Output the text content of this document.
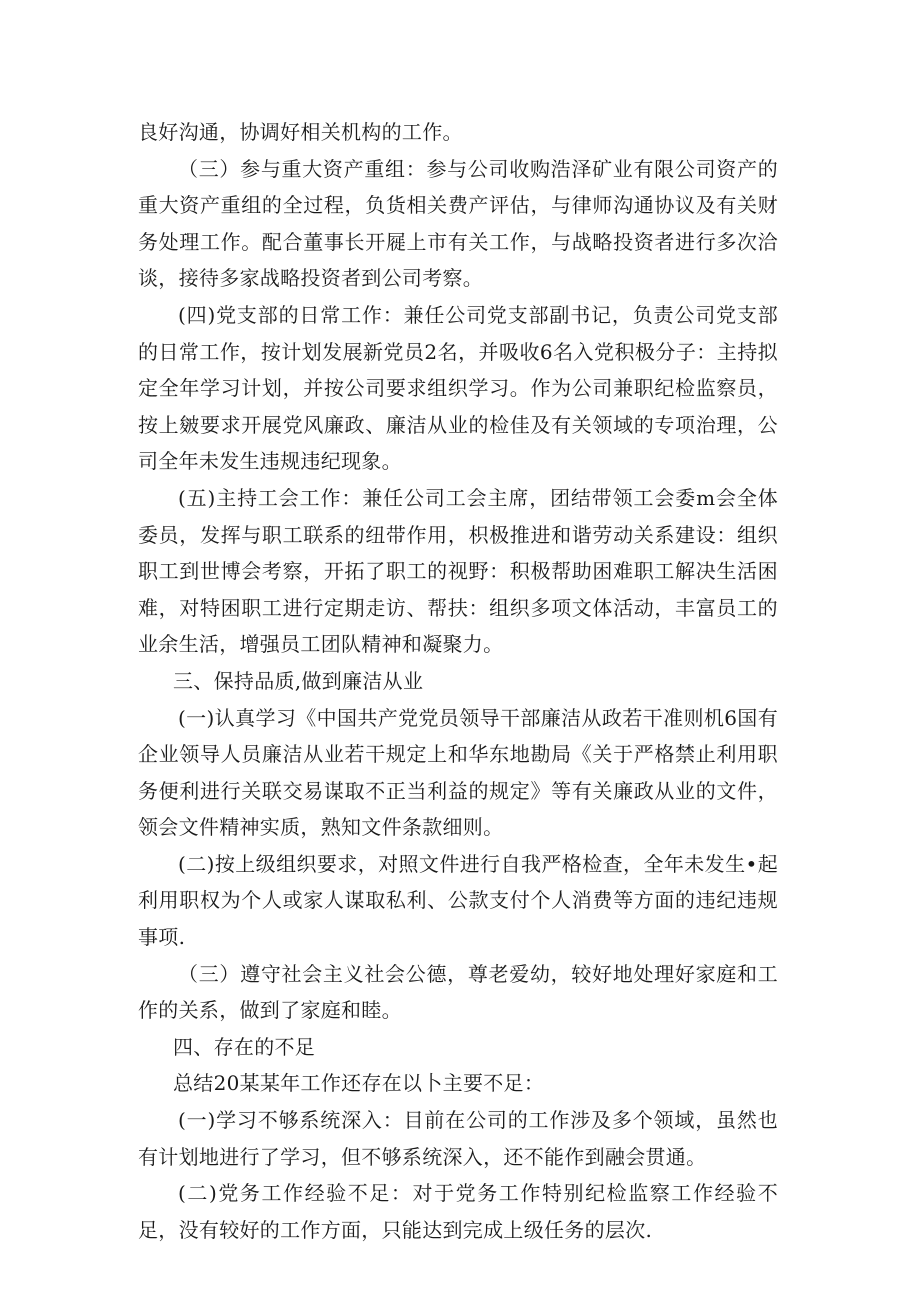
良好沟通，协调好相关机构的工作。

（三）参与重大资产重组：参与公司收购浩泽矿业有限公司资产的重大资产重组的全过程，负货相关费产评估，与律师沟通协议及有关财务处理工作。配合董事长开屣上市有关工作，与战略投资者进行多次洽谈，接待多家战略投资者到公司考察。

(四)党支部的日常工作：兼任公司党支部副书记，负责公司党支部的日常工作，按计划发展新党员2名，并吸收6名入党积极分子：主持拟定全年学习计划，并按公司要求组织学习。作为公司兼职纪检监察员，按上皴要求开展党风廉政、廉洁从业的检佳及有关领域的专项治理，公司全年未发生违规违纪现象。

(五)主持工会工作：兼任公司工会主席，团结带领工会委m会全体委员，发挥与职工联系的纽带作用，枳极推进和谐劳动关系建设：组织职工到世博会考察，开拓了职工的视野：积极帮助困难职工解决生活困难，对特困职工进行定期走访、帮扶：组织多项文体活动，丰富员工的业余生活，增强员工团队精神和凝聚力。

三、保持品质,做到廉洁从业

(一)认真学习《中国共产党党员领导干部廉洁从政若干准则机6国有企业领导人员廉洁从业若干规定上和华东地勘局《关于严格禁止利用职务便利进行关联交易谋取不正当利益的规定》等有关廉政从业的文件，领会文件精神实质，熟知文件条款细则。

(二)按上级组织要求，对照文件进行自我严格检查，全年未发生•起利用职权为个人或家人谋取私利、公款支付个人消费等方面的违纪违规事项.

（三）遵守社会主义社会公德，尊老爱幼，较好地处理好家庭和工作的关系，做到了家庭和睦。

四、存在的不足

总结20某某年工作还存在以卜主要不足：

(一)学习不够系统深入：目前在公司的工作涉及多个领域，虽然也有计划地进行了学习，但不够系统深入，还不能作到融会贯通。

(二)党务工作经验不足：对于党务工作特别纪检监察工作经验不足，没有较好的工作方面，只能达到完成上级任务的层次.
